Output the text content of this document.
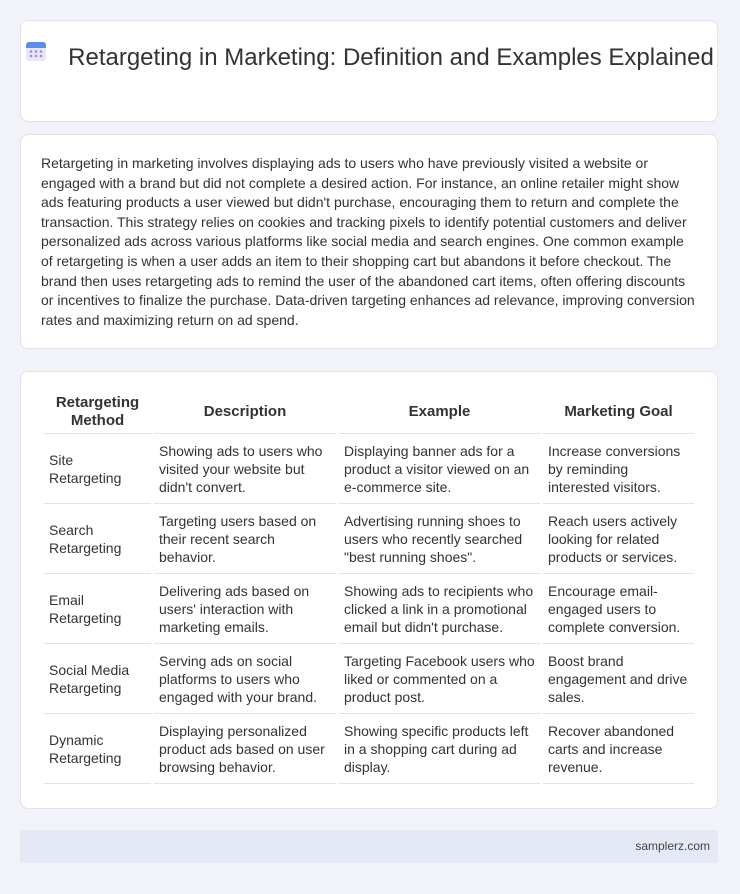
Retargeting in Marketing: Definition and Examples Explained

Retargeting in marketing involves displaying ads to users who have previously visited a website or engaged with a brand but did not complete a desired action. For instance, an online retailer might show ads featuring products a user viewed but didn't purchase, encouraging them to return and complete the transaction. This strategy relies on cookies and tracking pixels to identify potential customers and deliver personalized ads across various platforms like social media and search engines. One common example of retargeting is when a user adds an item to their shopping cart but abandons it before checkout. The brand then uses retargeting ads to remind the user of the abandoned cart items, often offering discounts or incentives to finalize the purchase. Data-driven targeting enhances ad relevance, improving conversion rates and maximizing return on ad spend.

Retargeting Method	Description	Example	Marketing Goal
Site Retargeting	Showing ads to users who visited your website but didn't convert.	Displaying banner ads for a product a visitor viewed on an e-commerce site.	Increase conversions by reminding interested visitors.
Search Retargeting	Targeting users based on their recent search behavior.	Advertising running shoes to users who recently searched "best running shoes".	Reach users actively looking for related products or services.
Email Retargeting	Delivering ads based on users' interaction with marketing emails.	Showing ads to recipients who clicked a link in a promotional email but didn't purchase.	Encourage email-engaged users to complete conversion.
Social Media Retargeting	Serving ads on social platforms to users who engaged with your brand.	Targeting Facebook users who liked or commented on a product post.	Boost brand engagement and drive sales.
Dynamic Retargeting	Displaying personalized product ads based on user browsing behavior.	Showing specific products left in a shopping cart during ad display.	Recover abandoned carts and increase revenue.
samplerz.com
